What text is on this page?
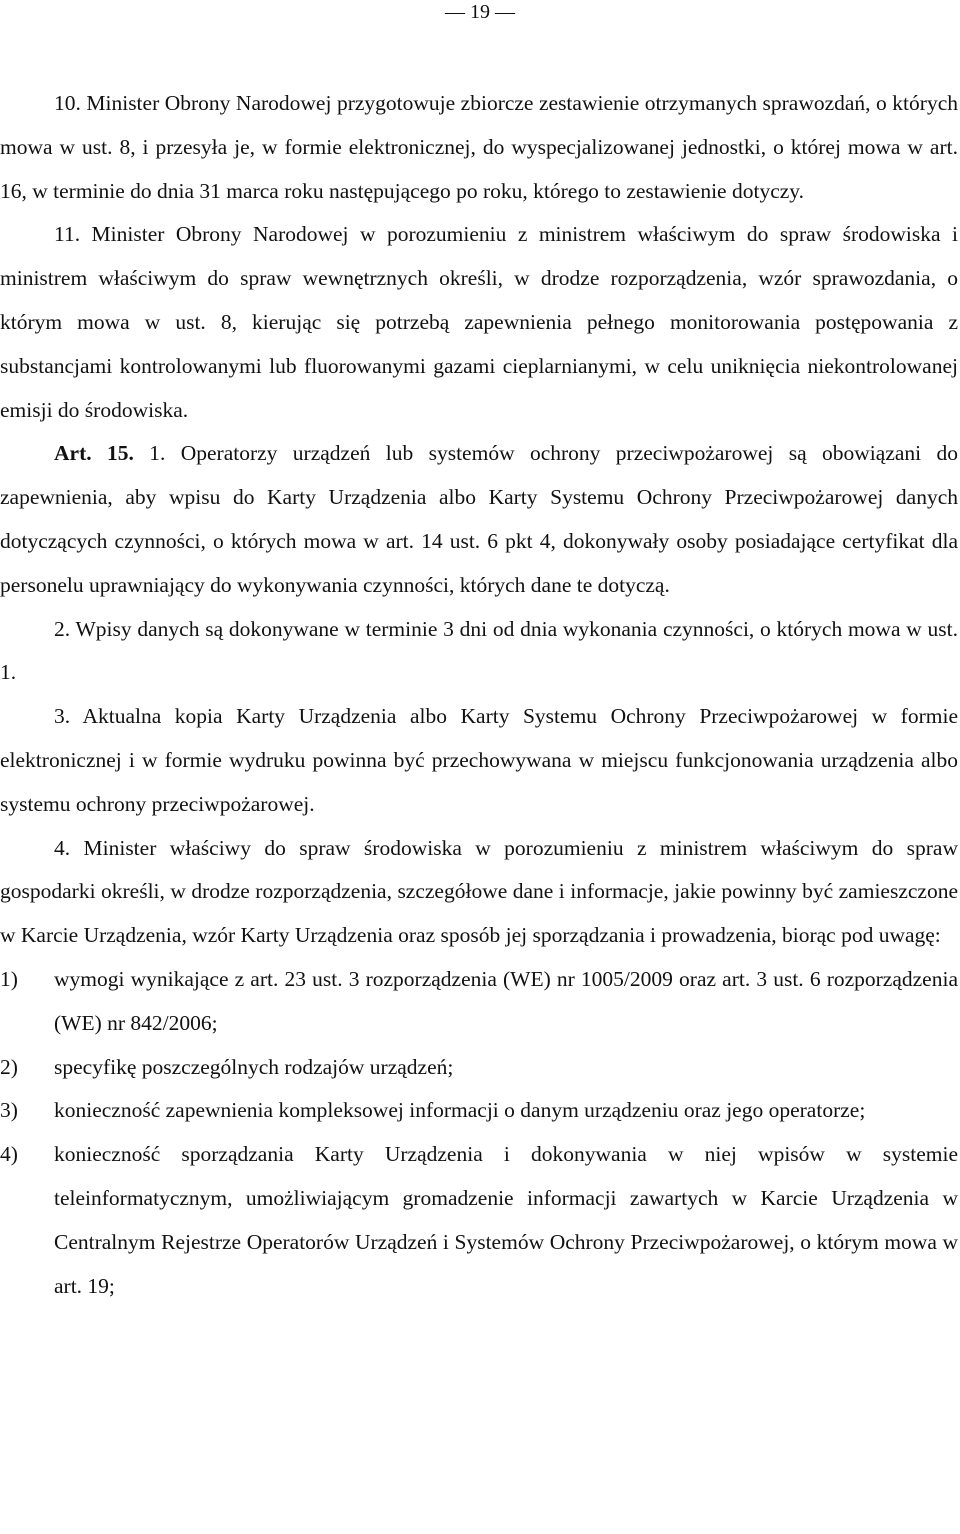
— 19 —

10. Minister Obrony Narodowej przygotowuje zbiorcze zestawienie otrzymanych sprawozdań, o których mowa w ust. 8, i przesyła je, w formie elektronicznej, do wyspecjalizowanej jednostki, o której mowa w art. 16, w terminie do dnia 31 marca roku następującego po roku, którego to zestawienie dotyczy.

11. Minister Obrony Narodowej w porozumieniu z ministrem właściwym do spraw środowiska i ministrem właściwym do spraw wewnętrznych określi, w drodze rozporządzenia, wzór sprawozdania, o którym mowa w ust. 8, kierując się potrzebą zapewnienia pełnego monitorowania postępowania z substancjami kontrolowanymi lub fluorowanymi gazami cieplarnianymi, w celu uniknięcia niekontrolowanej emisji do środowiska.

Art. 15. 1. Operatorzy urządzeń lub systemów ochrony przeciwpożarowej są obowiązani do zapewnienia, aby wpisu do Karty Urządzenia albo Karty Systemu Ochrony Przeciwpożarowej danych dotyczących czynności, o których mowa w art. 14 ust. 6 pkt 4, dokonywały osoby posiadające certyfikat dla personelu uprawniający do wykonywania czynności, których dane te dotyczą.

2. Wpisy danych są dokonywane w terminie 3 dni od dnia wykonania czynności, o których mowa w ust. 1.

3. Aktualna kopia Karty Urządzenia albo Karty Systemu Ochrony Przeciwpożarowej w formie elektronicznej i w formie wydruku powinna być przechowywana w miejscu funkcjonowania urządzenia albo systemu ochrony przeciwpożarowej.

4. Minister właściwy do spraw środowiska w porozumieniu z ministrem właściwym do spraw gospodarki określi, w drodze rozporządzenia, szczegółowe dane i informacje, jakie powinny być zamieszczone w Karcie Urządzenia, wzór Karty Urządzenia oraz sposób jej sporządzania i prowadzenia, biorąc pod uwagę:

1)	wymogi wynikające z art. 23 ust. 3 rozporządzenia (WE) nr 1005/2009 oraz art. 3 ust. 6 rozporządzenia (WE) nr 842/2006;
2)	specyfikę poszczególnych rodzajów urządzeń;
3)	konieczność zapewnienia kompleksowej informacji o danym urządzeniu oraz jego operatorze;
4)	konieczność sporządzania Karty Urządzenia i dokonywania w niej wpisów w systemie teleinformatycznym, umożliwiającym gromadzenie informacji zawartych w Karcie Urządzenia w Centralnym Rejestrze Operatorów Urządzeń i Systemów Ochrony Przeciwpożarowej, o którym mowa w art. 19;
